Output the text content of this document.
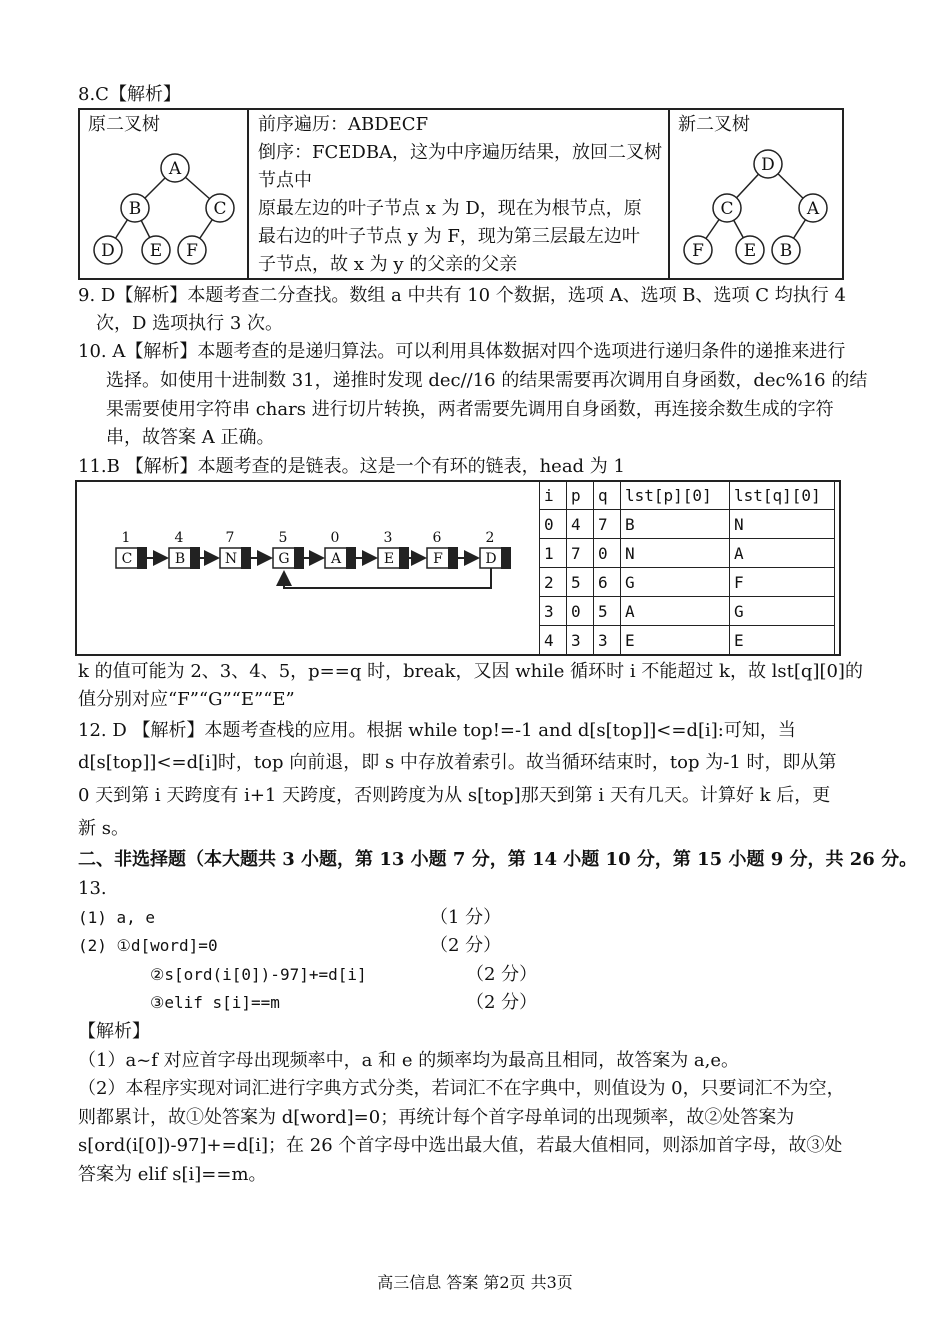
8.C【解析】
原二叉树	新二叉树
前序遍历：ABDECF
倒序：FCEDBA，这为中序遍历结果，放回二叉树
节点中
原最左边的叶子节点 x 为 D，现在为根节点，原
最右边的叶子节点 y 为 F，现为第三层最左边叶
子节点，故 x 为 y 的父亲的父亲
A
B	C
D E F
D
C	A
F E B
9. D【解析】本题考查二分查找。数组 a 中共有 10 个数据，选项 A、选项 B、选项 C 均执行 4
次，D 选项执行 3 次。
10. A【解析】本题考查的是递归算法。可以利用具体数据对四个选项进行递归条件的递推来进行
选择。如使用十进制数 31，递推时发现 dec//16 的结果需要再次调用自身函数，dec%16 的结
果需要使用字符串 chars 进行切片转换，两者需要先调用自身函数，再连接余数生成的字符
串，故答案 A 正确。
11.B 【解析】本题考查的是链表。这是一个有环的链表，head 为 1
1	4	7	5	0	3	6	2
C	B	N	G	A	E	F	D
i	p	q	lst[p][0]	lst[q][0]
0	4	7	B	N
1	7	0	N	A
2	5	6	G	F
3	0	5	A	G
4	3	3	E	E
k 的值可能为 2、3、4、5，p==q 时，break，又因 while 循环时 i 不能超过 k，故 lst[q][0]的
值分别对应“F”“G”“E”“E”
12. D 【解析】本题考查栈的应用。根据 while top!=-1 and d[s[top]]<=d[i]:可知，当
d[s[top]]<=d[i]时，top 向前退，即 s 中存放着索引。故当循环结束时，top 为-1 时，即从第
0 天到第 i 天跨度有 i+1 天跨度，否则跨度为从 s[top]那天到第 i 天有几天。计算好 k 后，更
新 s。
二、非选择题（本大题共 3 小题，第 13 小题 7 分，第 14 小题 10 分，第 15 小题 9 分，共 26 分。
13.
(1) a, e	（1 分）
(2) ①d[word]=0	（2 分）
②s[ord(i[0])-97]+=d[i]	（2 分）
③elif s[i]==m	（2 分）
【解析】
（1）a~f 对应首字母出现频率中，a 和 e 的频率均为最高且相同，故答案为 a,e。
（2）本程序实现对词汇进行字典方式分类，若词汇不在字典中，则值设为 0，只要词汇不为空，
则都累计，故①处答案为 d[word]=0；再统计每个首字母单词的出现频率，故②处答案为
s[ord(i[0])-97]+=d[i]；在 26 个首字母中选出最大值，若最大值相同，则添加首字母，故③处
答案为 elif s[i]==m。
高三信息 答案 第2页 共3页
